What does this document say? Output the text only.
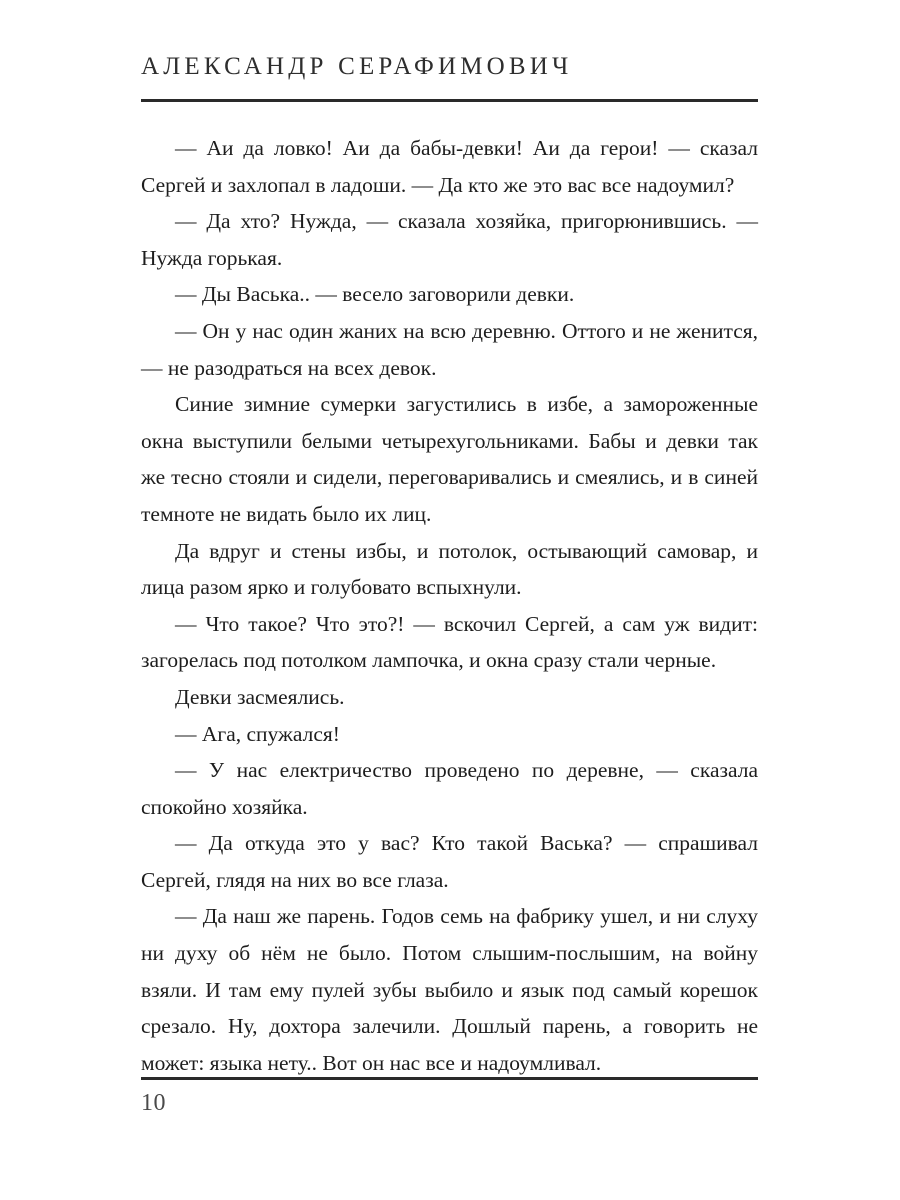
АЛЕКСАНДР СЕРАФИМОВИЧ

— Аи да ловко! Аи да бабы-девки! Аи да герои! — сказал Сергей и захлопал в ладоши. — Да кто же это вас все надоумил?

— Да хто? Нужда, — сказала хозяйка, пригорюнившись. — Нужда горькая.

— Ды Васька.. — весело заговорили девки.

— Он у нас один жаних на всю деревню. Оттого и не женится, — не разодраться на всех девок.

Синие зимние сумерки загустились в избе, а замороженные окна выступили белыми четырехугольниками. Бабы и девки так же тесно стояли и сидели, переговаривались и смеялись, и в синей темноте не видать было их лиц.

Да вдруг и стены избы, и потолок, остывающий самовар, и лица разом ярко и голубовато вспыхнули.

— Что такое? Что это?! — вскочил Сергей, а сам уж видит: загорелась под потолком лампочка, и окна сразу стали черные.

Девки засмеялись.

— Ага, спужался!

— У нас електричество проведено по деревне, — сказала спокойно хозяйка.

— Да откуда это у вас? Кто такой Васька? — спрашивал Сергей, глядя на них во все глаза.

— Да наш же парень. Годов семь на фабрику ушел, и ни слуху ни духу об нём не было. Потом слышим-послышим, на войну взяли. И там ему пулей зубы выбило и язык под самый корешок срезало. Ну, дохтора залечили. Дошлый парень, а говорить не может: языка нету.. Вот он нас все и надоумливал.

10
